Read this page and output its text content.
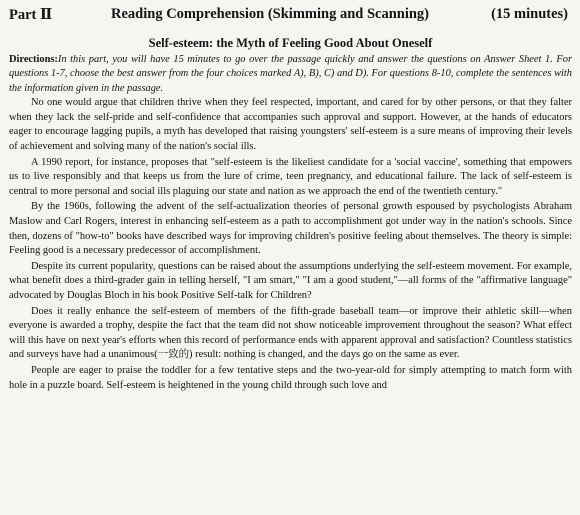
Part Ⅱ	Reading Comprehension (Skimming and Scanning)	(15 minutes)
Self-esteem: the Myth of Feeling Good About Oneself

Directions:In this part, you will have 15 minutes to go over the passage quickly and answer the questions on Answer Sheet 1. For questions 1-7, choose the best answer from the four choices marked A), B), C) and D). For questions 8-10, complete the sentences with the information given in the passage.

No one would argue that children thrive when they feel respected, important, and cared for by other persons, or that they falter when they lack the self-pride and self-confidence that accompanies such approval and support. However, at the hands of educators eager to encourage lagging pupils, a myth has developed that raising youngsters' self-esteem is a sure means of improving their levels of achievement and solving many of the nation's social ills.

A 1990 report, for instance, proposes that "self-esteem is the likeliest candidate for a 'social vaccine', something that empowers us to live responsibly and that keeps us from the lure of crime, teen pregnancy, and educational failure. The lack of self-esteem is central to more personal and social ills plaguing our state and nation as we approach the end of the twentieth century."

By the 1960s, following the advent of the self-actualization theories of personal growth espoused by psychologists Abraham Maslow and Carl Rogers, interest in enhancing self-esteem as a path to accomplishment got under way in the nation's schools. Since then, dozens of "how-to" books have described ways for improving children's positive feeling about themselves. The theory is simple: Feeling good is a necessary predecessor of accomplishment.

Despite its current popularity, questions can be raised about the assumptions underlying the self-esteem movement. For example, what benefit does a third-grader gain in telling herself, "I am smart," "I am a good student,"—all forms of the "affirmative language" advocated by Douglas Bloch in his book Positive Self-talk for Children?

Does it really enhance the self-esteem of members of the fifth-grade baseball team—or improve their athletic skill—when everyone is awarded a trophy, despite the fact that the team did not show noticeable improvement throughout the season? What effect will this have on next year's efforts when this record of performance ends with apparent approval and satisfaction? Countless statistics and surveys have had a unanimous(一致的) result: nothing is changed, and the days go on the same as ever.

People are eager to praise the toddler for a few tentative steps and the two-year-old for simply attempting to match form with hole in a puzzle board. Self-esteem is heightened in the young child through such love and
